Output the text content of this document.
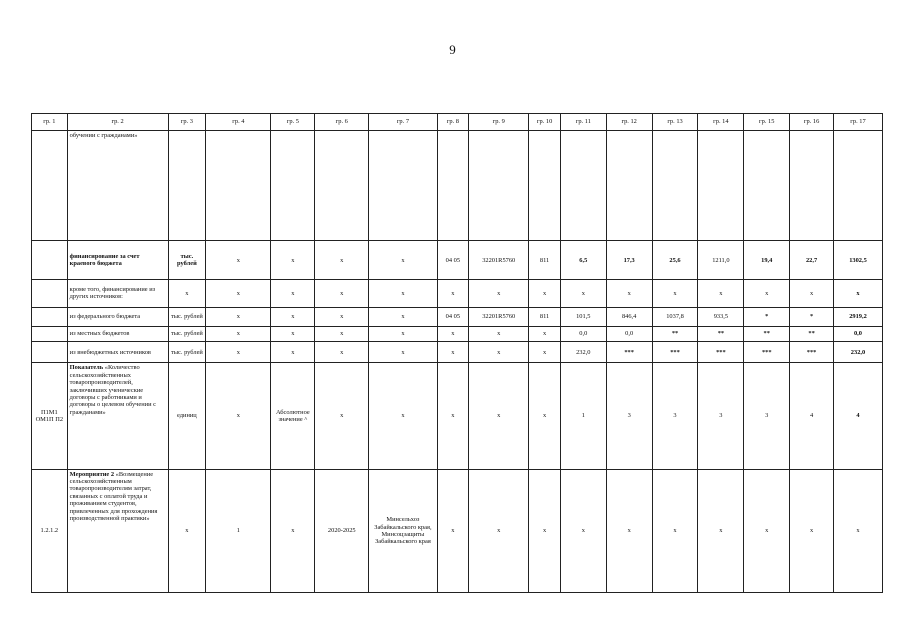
9
гр. 1	гр. 2	гр. 3	гр. 4	гр. 5	гр. 6	гр. 7	гр. 8	гр. 9	гр. 10	гр. 11	гр. 12	гр. 13	гр. 14	гр. 15	гр. 16	гр. 17
	обучении с гражданами»															
	финансирование за счет краевого бюджета	тыс. рублей	х	х	х	х	04 05	32201R5760	811	6,5	17,3	25,6	1211,0	19,4	22,7	1302,5
	кроме того, финансирование из других источников:	х	х	х	х	х	х	х	х	х	х	х	х	х	х	х
	из федерального бюджета	тыс. рублей	х	х	х	х	04 05	32201R5760	811	101,5	846,4	1037,8	933,5	*	*	2919,2
	из местных бюджетов	тыс. рублей	х	х	х	х	х	х	х	0,0	0,0	**	**	**	**	0,0
	из внебюджетных источников	тыс. рублей	х	х	х	х	х	х	х	232,0	***	***	***	***	***	232,0
П1М1 ОМ1П П2	Показатель «Количество сельскохозяйственных товаропроизводителей, заключивших ученические договоры с работниками и договоры о целевом обучении с гражданами»	единиц	х	Абсолютное значение ^	х	х	х	х	х	1	3	3	3	3	4	4
1.2.1.2	Мероприятие 2 «Возмещение сельскохозяйственным товаропроизводителям затрат, связанных с оплатой труда и проживанием студентов, привлеченных для прохождения производственной практики»	х	1	х	2020-2025	Минсельхоз Забайкальского края, Минсоцзащиты Забайкальского края	х	х	х	х	х	х	х	х	х	х
